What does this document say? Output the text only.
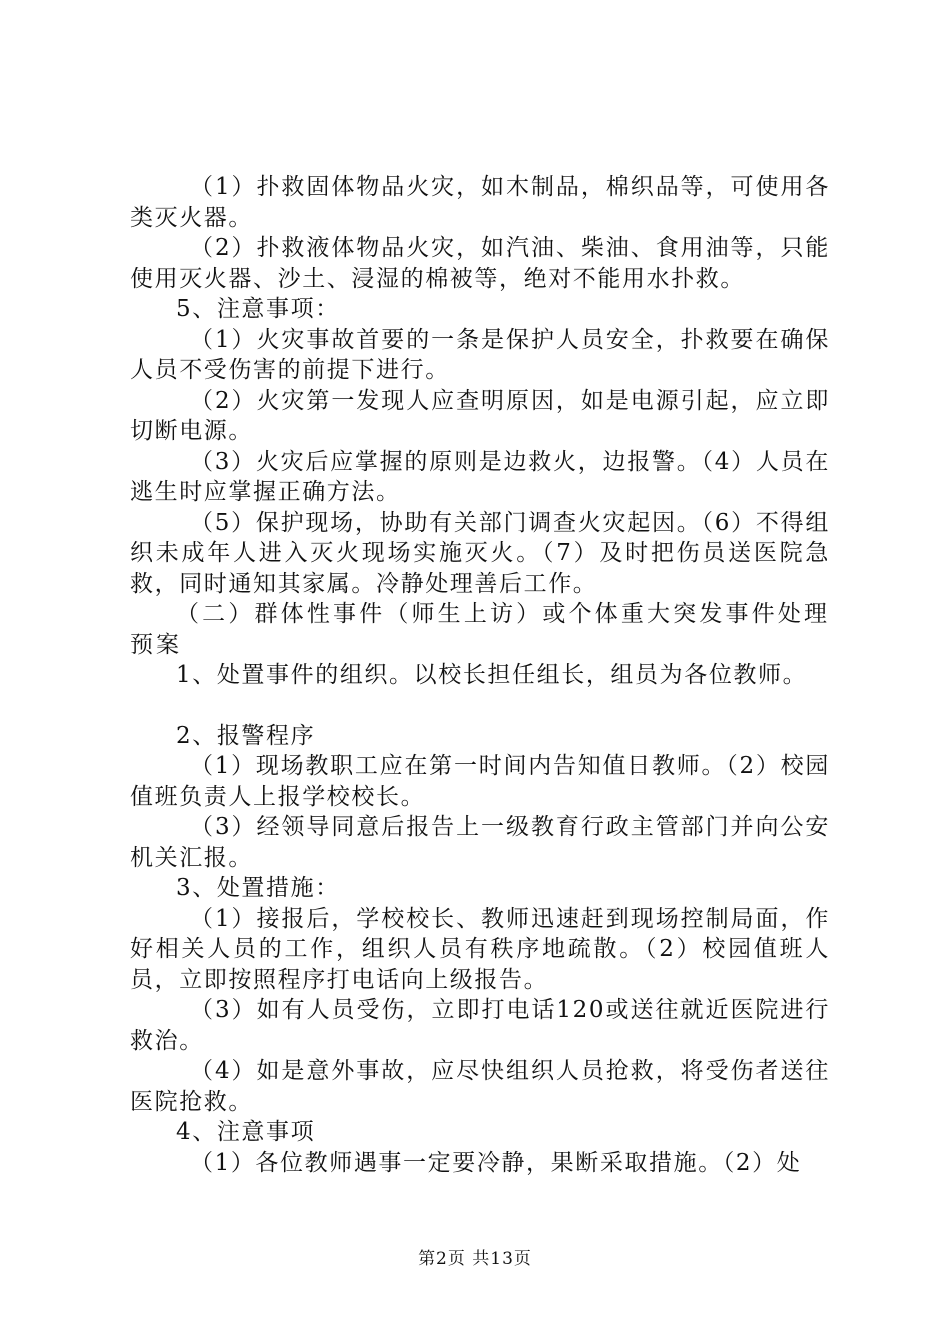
（1）扑救固体物品火灾，如木制品，棉织品等，可使用各类灭火器。

（2）扑救液体物品火灾，如汽油、柴油、食用油等，只能使用灭火器、沙土、浸湿的棉被等，绝对不能用水扑救。

5、注意事项：

（1）火灾事故首要的一条是保护人员安全，扑救要在确保人员不受伤害的前提下进行。

（2）火灾第一发现人应查明原因，如是电源引起，应立即切断电源。

（3）火灾后应掌握的原则是边救火，边报警。（4）人员在逃生时应掌握正确方法。

（5）保护现场，协助有关部门调查火灾起因。（6）不得组织未成年人进入灭火现场实施灭火。（7）及时把伤员送医院急救，同时通知其家属。冷静处理善后工作。

（二）群体性事件（师生上访）或个体重大突发事件处理预案

1、处置事件的组织。以校长担任组长，组员为各位教师。

2、报警程序

（1）现场教职工应在第一时间内告知值日教师。（2）校园值班负责人上报学校校长。

（3）经领导同意后报告上一级教育行政主管部门并向公安机关汇报。

3、处置措施：

（1）接报后，学校校长、教师迅速赶到现场控制局面，作好相关人员的工作，组织人员有秩序地疏散。（2）校园值班人员，立即按照程序打电话向上级报告。

（3）如有人员受伤，立即打电话120或送往就近医院进行救治。

（4）如是意外事故，应尽快组织人员抢救，将受伤者送往医院抢救。

4、注意事项

（1）各位教师遇事一定要冷静，果断采取措施。（2）处

第2页 共13页
